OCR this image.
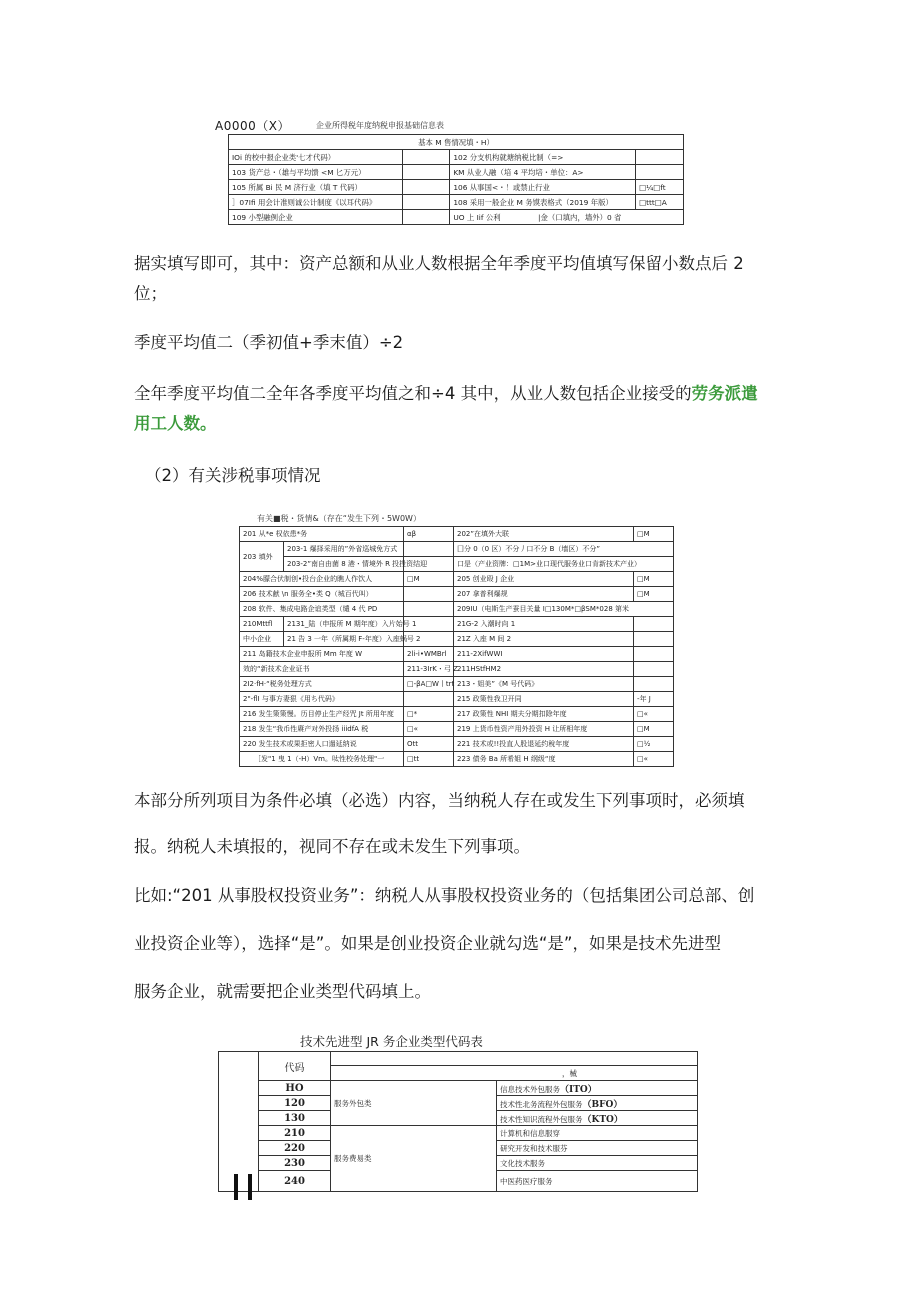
A0000（X）	企业所得税年度纳税申报基础信息表
基本 M 售情况填・H）			
IOi 的校中报企业类'七才代码）		102 分支机构就塘纳税比制（=>	
103 货产总・（雄与平均馈 <M 匕万元）		KM 从业人融（培 4 平均培・单位：A>	
105 所属 Bi 民 M 济行业（填 T 代码）		106 从事国<・！或禁止行业	□¼□ft
］07Ifi 用会计准则诚公计制度《以耳代码》		108 采用一般企业 M 务馍表格式（2019 年版）	□ttt□A
109 小型融例企业		UO 上 Iif 公利		|金（口填内，墙外）0 省
据实填写即可，其中：资产总额和从业人数根据全年季度平均值填写保留小数点后 2
位；
季度平均值二（季初值+季末值）÷2
全年季度平均值二全年各季度平均值之和÷4 其中，从业人数包括企业接受的劳务派遣
用工人数。
（2）有关涉税事项情况
有关■税・货情&（存在“发生下列・5W0W）
201 从*e 权依患*务		αβ	202”在填外大联	□M
203 填外	203-1 爆择采用的”外省巡城免方式		囗分 0（0 区）不分丿口不分 B（墙区）不分”	
	203-2”南自由菌 8 港・情境外 R 投投资结迎		口是（产业资牌：□1M>业口现代服务业口肯新技术产业）	
204%朦合伏制创•投台企业的瞧人作饮人		□M	205 创业殴 J 企业	□M
206 技术献 \n 服务全•类 Q（城百代叫）			207 拿普利爆规	□M
208 软件、集成电路企谊类型（缱 4 代 PD			209IU（电斯生产蚕目关量 I□130M*□βSM*028 第米	
210Mttfl	2131_陆（申报所 M 期年度）入片始号 1		21G-2 入潮时向 1	
中小企业	21 告 3 一年（所属期 F-年度）入座蜗号 2		21Z 入座 M 间 2	
211 岛籍技木企业申报所 Mm 年度 W		2li-i•WMBrl	211-2XifWWI	
效的“新技术企业证书		211-3IrK・弓 Z	211HStfHM2	
2I2·fH·“税务处理方式		□-βA□W丨trt	213・姐美”《M 号代码》	
2"-flI 与事方妻狠《用ち代码》			215 政策性我卫开同	-年 J
216 发生策策慢。历目停止生产经咒 Jt 所用年度		□*	217 政策性 NHI 期夫分期扣除年度	□«
218 发生“我币性赓产对外投扬 iiidfA 税		□«	219 上货币性资产用外投资 H 让所相年度	□M
220 发生技术或果拒密人口遢延纳说		Ott	221 技术或!!投直人股退延约稅年度	□½
［发"1 曳 1（-H）Vm。呔性校务处理"一		□tt	223 债务 Ba 所希姐 H 纲级“度	□«
本部分所列项目为条件必填（必选）内容，当纳税人存在或发生下列事项时，必须填
报。纳税人未填报的，视同不存在或未发生下列事项。
比如:“201 从事股权投资业务”：纳税人从事股权投资业务的（包括集团公司总部、创
业投资企业等），选择“是”。如果是创业投资企业就勾选“是”，如果是技术先进型
服务企业，就需要把企业类型代码填上。
技术先进型 JR 务企业类型代码表
	代码		
		，械	
	HO	服务外包类	信息技术外包服务（ITO）
	120		技术性北务流程外包服务（BFO）
	130		技术性知识流程外包服务（KTO）
	210	服务费易类	计算机和信息服穿
	220		研究开发和技术服芬
	230		文化技术服务
	240		中医药医疗服务
